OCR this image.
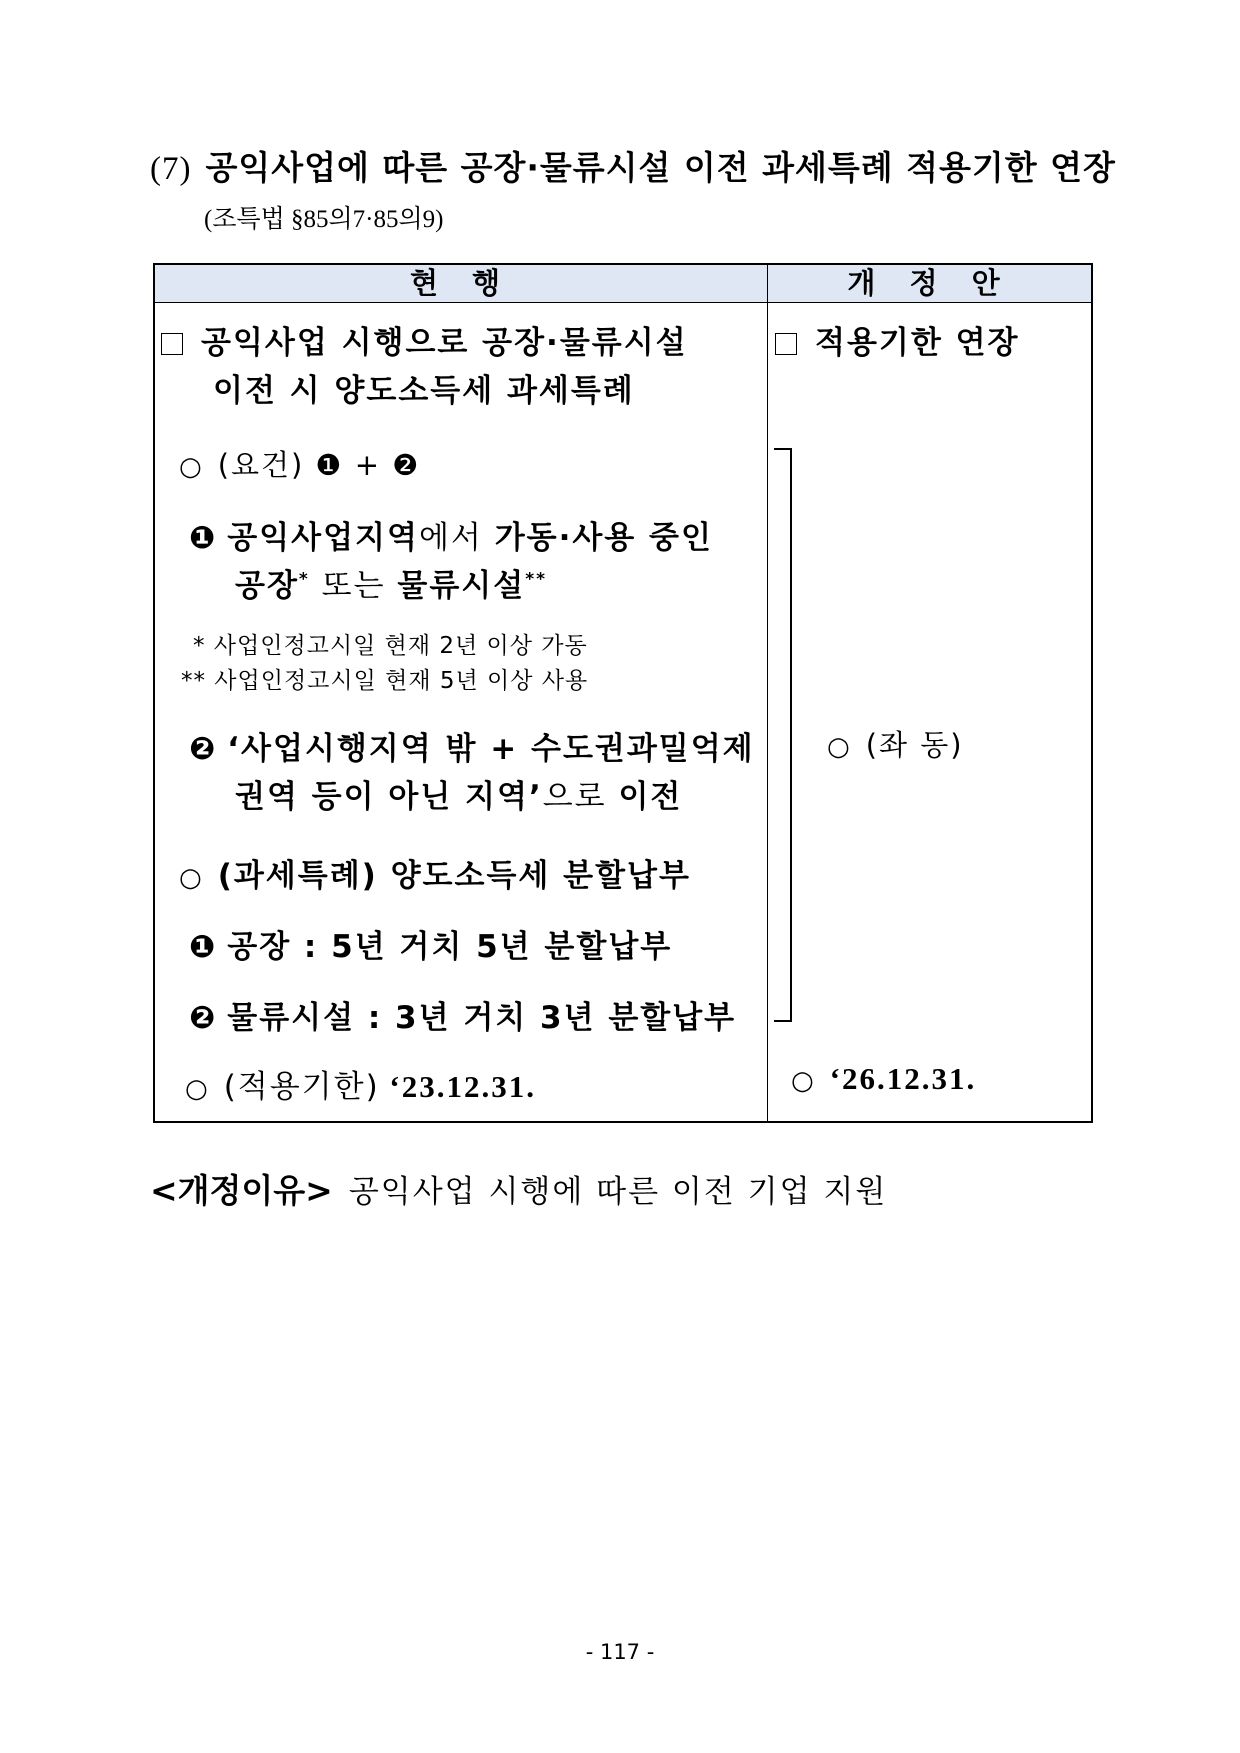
(7) 공익사업에 따른 공장·물류시설 이전 과세특례 적용기한 연장
(조특법 §85의7·85의9)
현 행	개 정 안
공익사업 시행으로 공장·물류시설
이전 시 양도소득세 과세특례
○ (요건) ❶ + ❷
❶ 공익사업지역에서 가동·사용 중인
공장* 또는 물류시설**
* 사업인정고시일 현재 2년 이상 가동
** 사업인정고시일 현재 5년 이상 사용
❷ ‘사업시행지역 밖 + 수도권과밀억제
권역 등이 아닌 지역’으로 이전
○ (과세특례) 양도소득세 분할납부
❶ 공장 : 5년 거치 5년 분할납부
❷ 물류시설 : 3년 거치 3년 분할납부
○ (적용기한) ‘23.12.31.
적용기한 연장
○ (좌 동)
○ ‘26.12.31.
<개정이유> 공익사업 시행에 따른 이전 기업 지원
- 117 -
